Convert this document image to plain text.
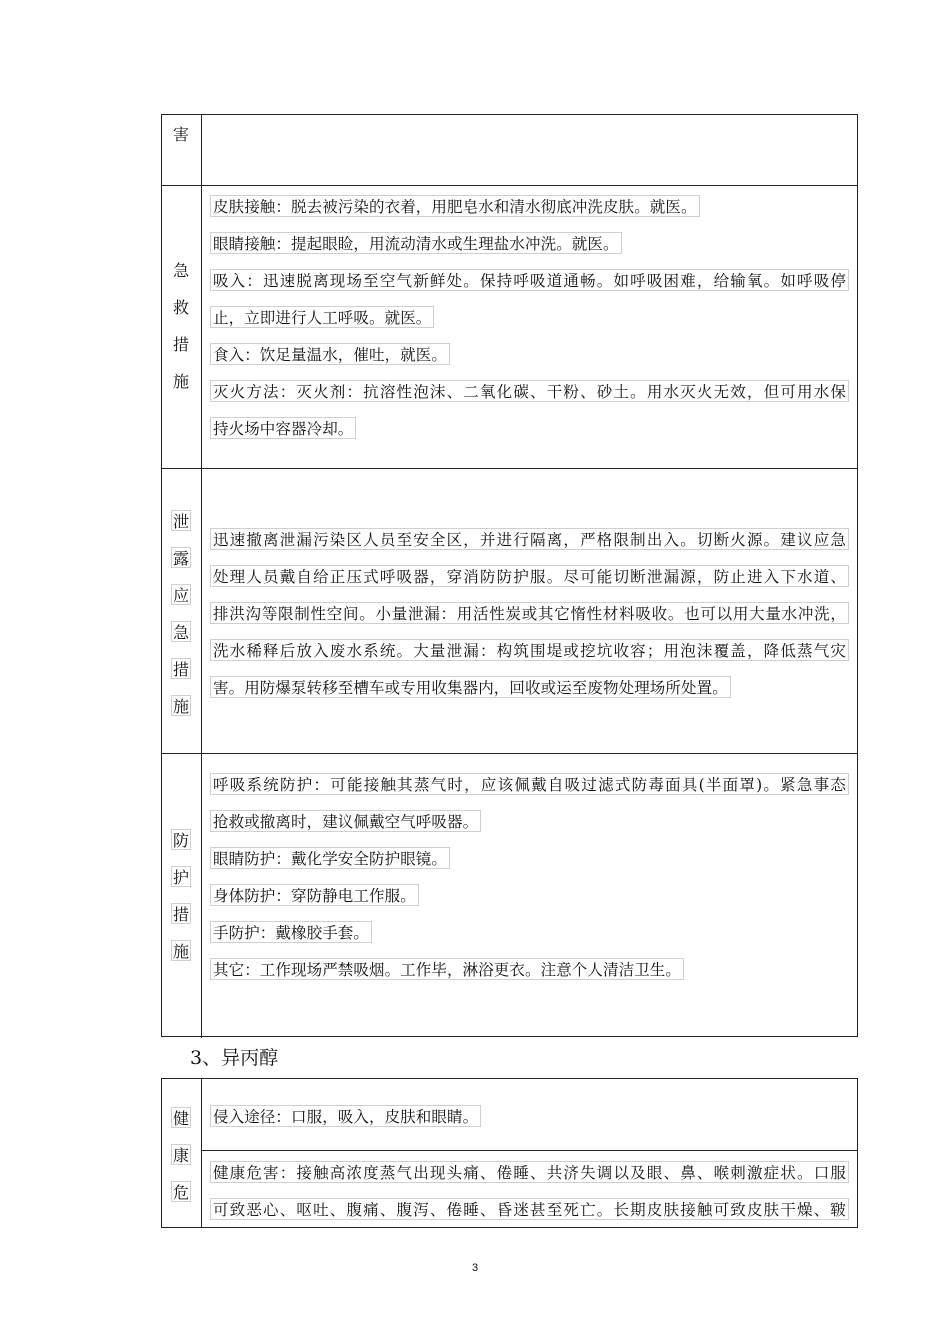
害
急
救
措
施
皮肤接触：脱去被污染的衣着，用肥皂水和清水彻底冲洗皮肤。就医。
眼睛接触：提起眼睑，用流动清水或生理盐水冲洗。就医。
吸入：迅速脱离现场至空气新鲜处。保持呼吸道通畅。如呼吸困难，给输氧。如呼吸停
止，立即进行人工呼吸。就医。
食入：饮足量温水，催吐，就医。
灭火方法：灭火剂：抗溶性泡沫、二氧化碳、干粉、砂土。用水灭火无效，但可用水保
持火场中容器冷却。
泄
露
应
急
措
施
迅速撤离泄漏污染区人员至安全区，并进行隔离，严格限制出入。切断火源。建议应急
处理人员戴自给正压式呼吸器，穿消防防护服。尽可能切断泄漏源，防止进入下水道、
排洪沟等限制性空间。小量泄漏：用活性炭或其它惰性材料吸收。也可以用大量水冲洗，
洗水稀释后放入废水系统。大量泄漏：构筑围堤或挖坑收容；用泡沫覆盖，降低蒸气灾
害。用防爆泵转移至槽车或专用收集器内，回收或运至废物处理场所处置。
防
护
措
施
呼吸系统防护：可能接触其蒸气时，应该佩戴自吸过滤式防毒面具(半面罩)。紧急事态
抢救或撤离时，建议佩戴空气呼吸器。
眼睛防护：戴化学安全防护眼镜。
身体防护：穿防静电工作服。
手防护：戴橡胶手套。
其它：工作现场严禁吸烟。工作毕，淋浴更衣。注意个人清洁卫生。
3、异丙醇
健
康
危
侵入途径：口服，吸入，皮肤和眼睛。
健康危害：接触高浓度蒸气出现头痛、倦睡、共济失调以及眼、鼻、喉刺激症状。口服
可致恶心、呕吐、腹痛、腹泻、倦睡、昏迷甚至死亡。长期皮肤接触可致皮肤干燥、皲
3
